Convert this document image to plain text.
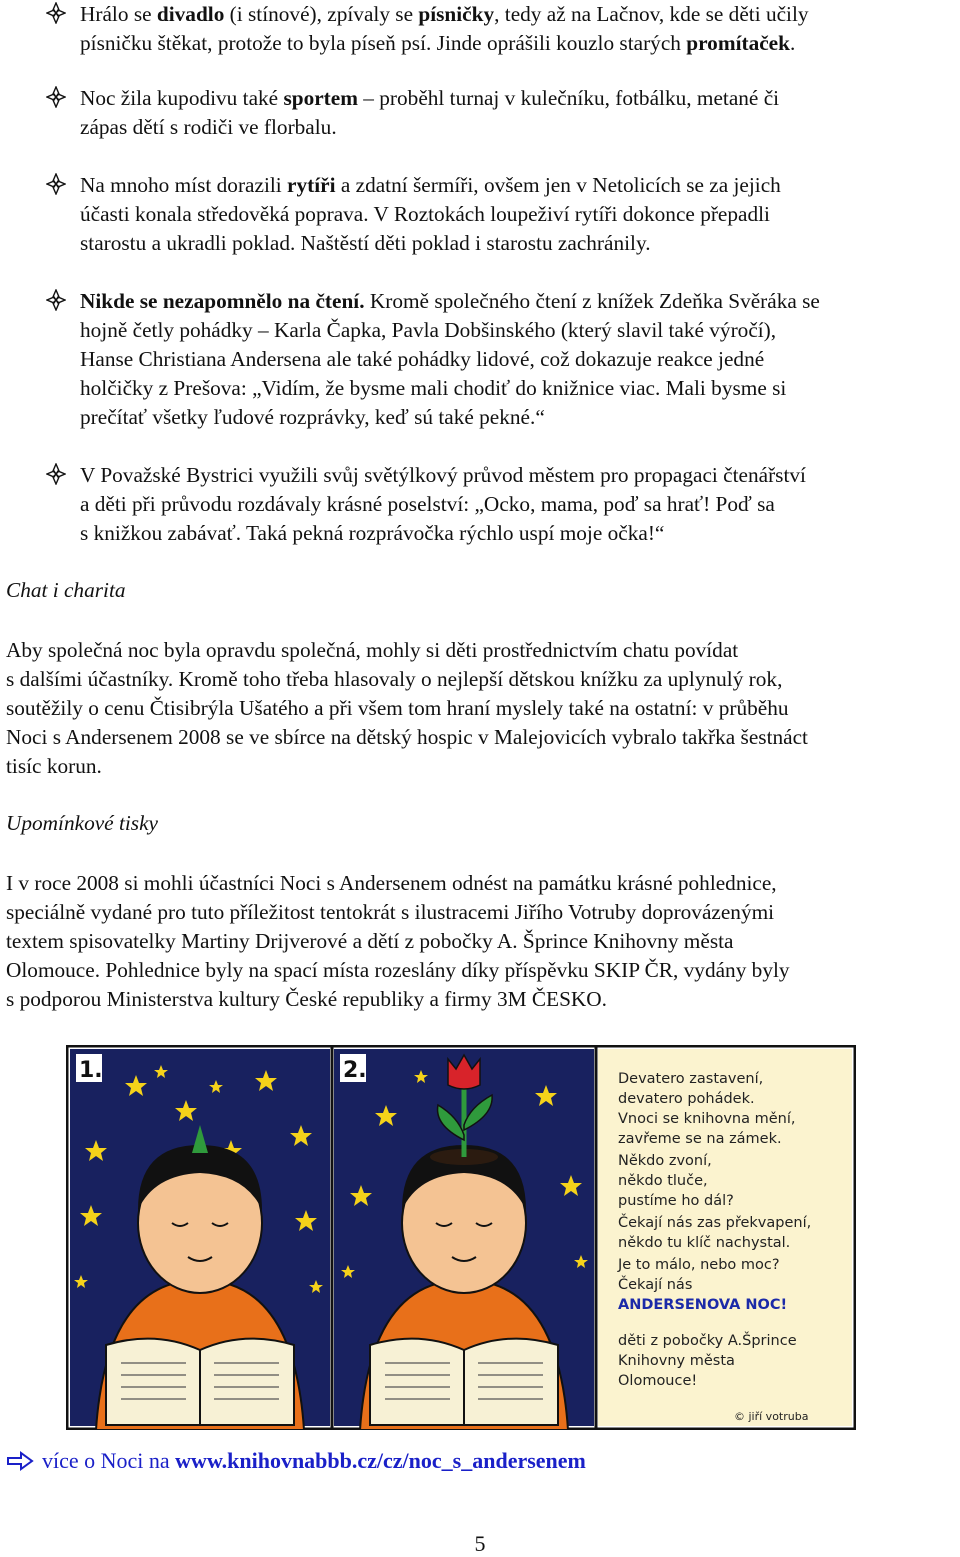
Hrálo se divadlo (i stínové), zpívaly se písničky, tedy až na Lačnov, kde se děti učily
písničku štěkat, protože to byla píseň psí. Jinde oprášili kouzlo starých promítaček.

Noc žila kupodivu také sportem – proběhl turnaj v kulečníku, fotbálku, metané či
zápas dětí s rodiči ve florbalu.

Na mnoho míst dorazili rytíři a zdatní šermíři, ovšem jen v Netolicích se za jejich
účasti konala středověká poprava. V Roztokách loupeživí rytíři dokonce přepadli
starostu a ukradli poklad. Naštěstí děti poklad i starostu zachránily.

Nikde se nezapomnělo na čtení. Kromě společného čtení z knížek Zdeňka Svěráka se
hojně četly pohádky – Karla Čapka, Pavla Dobšinského (který slavil také výročí),
Hanse Christiana Andersena ale také pohádky lidové, což dokazuje reakce jedné
holčičky z Prešova: „Vidím, že bysme mali chodiť do knižnice viac. Mali bysme si
prečítať všetky ľudové rozprávky, keď sú také pekné.“

V Považské Bystrici využili svůj světýlkový průvod městem pro propagaci čtenářství
a děti při průvodu rozdávaly krásné poselství: „Ocko, mama, poď sa hrať! Poď sa
s knižkou zabávať. Taká pekná rozprávočka rýchlo uspí moje očka!“

Chat i charita

Aby společná noc byla opravdu společná, mohly si děti prostřednictvím chatu povídat
s dalšími účastníky. Kromě toho třeba hlasovaly o nejlepší dětskou knížku za uplynulý rok,
soutěžily o cenu Čtisibrýla Ušatého a při všem tom hraní myslely také na ostatní: v průběhu
Noci s Andersenem 2008 se ve sbírce na dětský hospic v Malejovicích vybralo takřka šestnáct
tisíc korun.

Upomínkové tisky

I v roce 2008 si mohli účastníci Noci s Andersenem odnést na památku krásné pohlednice,
speciálně vydané pro tuto příležitost tentokrát s ilustracemi Jiřího Votruby doprovázenými
textem spisovatelky Martiny Drijverové a dětí z pobočky A. Šprince Knihovny města
Olomouce. Pohlednice byly na spací místa rozeslány díky příspěvku SKIP ČR, vydány byly
s podporou Ministerstva kultury České republiky a firmy 3M ČESKO.

1.	2.	Devatero zastavení,
devatero pohádek.
Vnoci se knihovna mění,
zavřeme se na zámek.
Někdo zvoní,
někdo tluče,
pustíme ho dál?
Čekají nás zas překvapení,
někdo tu klíč nachystal.
Je to málo, nebo moc?
Čekají nás
ANDERSENOVA NOC!
děti z pobočky A.Šprince
Knihovny města
Olomouce!
© jiří votruba
více o Noci na www.knihovnabbb.cz/cz/noc_s_andersenem
5
